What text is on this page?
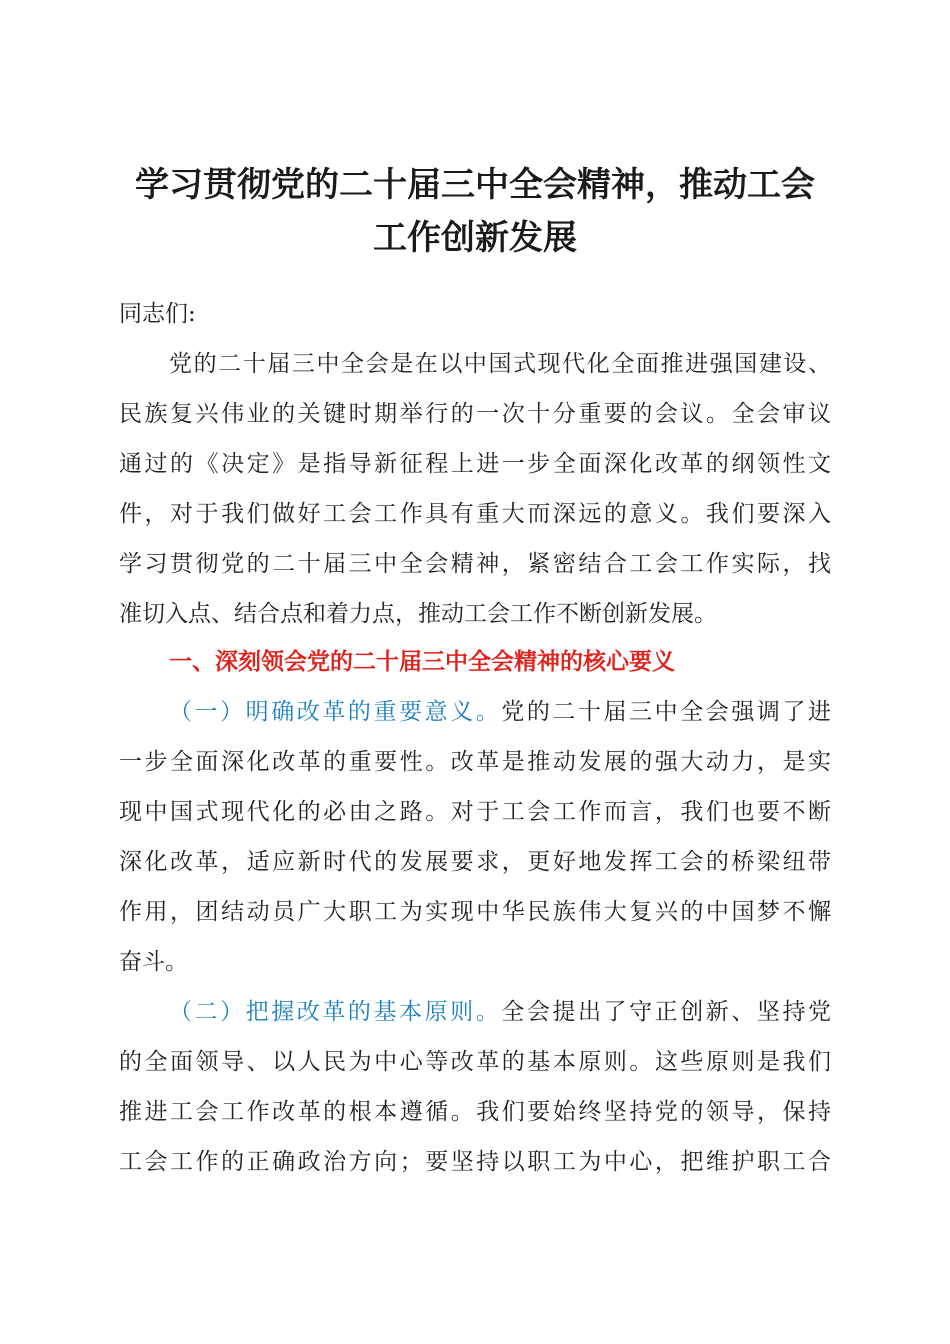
学习贯彻党的二十届三中全会精神，推动工会
工作创新发展
同志们:
党的二十届三中全会是在以中国式现代化全面推进强国建设、
民族复兴伟业的关键时期举行的一次十分重要的会议。全会审议
通过的《决定》是指导新征程上进一步全面深化改革的纲领性文
件，对于我们做好工会工作具有重大而深远的意义。我们要深入
学习贯彻党的二十届三中全会精神，紧密结合工会工作实际，找
准切入点、结合点和着力点，推动工会工作不断创新发展。
一、深刻领会党的二十届三中全会精神的核心要义
（一）明确改革的重要意义。党的二十届三中全会强调了进
一步全面深化改革的重要性。改革是推动发展的强大动力，是实
现中国式现代化的必由之路。对于工会工作而言，我们也要不断
深化改革，适应新时代的发展要求，更好地发挥工会的桥梁纽带
作用，团结动员广大职工为实现中华民族伟大复兴的中国梦不懈
奋斗。
（二）把握改革的基本原则。全会提出了守正创新、坚持党
的全面领导、以人民为中心等改革的基本原则。这些原则是我们
推进工会工作改革的根本遵循。我们要始终坚持党的领导，保持
工会工作的正确政治方向；要坚持以职工为中心，把维护职工合
